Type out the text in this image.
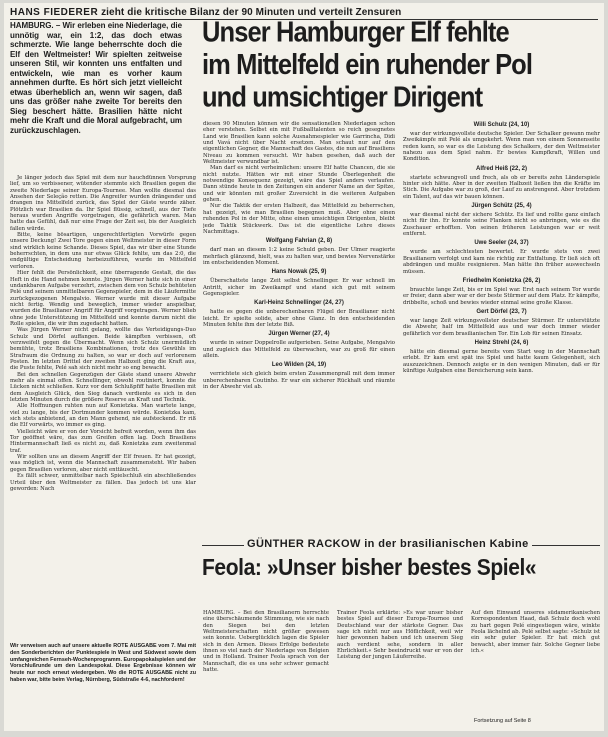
HANS FIEDERER zieht die kritische Bilanz der 90 Minuten und verteilt Zensuren
HAMBURG. – Wir erleben eine Niederlage, die unnötig war, ein 1:2, das doch etwas schmerzte. Wie lange beherrschte doch die Elf den Weltmeister! Wir spielten zeitweise unseren Stil, wir konnten uns entfalten und entwickeln, wie man es vorher kaum annehmen durfte. Es hört sich jetzt vielleicht etwas überheblich an, wenn wir sagen, daß uns das größer nahe zweite Tor bereits den Sieg beschert hätte. Brasilien hätte nicht mehr die Kraft und die Moral aufgebracht, um zurückzuschlagen.
Unser Hamburger Elf fehlte
im Mittelfeld ein ruhender Pol
und umsichtiger Dirigent

Je länger jedoch das Spiel mit dem nur hauchdünnen Vorsprung lief, um so verbissener, wütender stemmte sich Brasilien gegen die zweite Niederlage seiner Europa-Tournee. Man wollte diesmal das Ansehen der Seleção retten. Die Angreifer wurden drängender und drangen ins Mittelfeld zurück, das Spiel der Gäste wurde zäher. Plötzlich war Brasilien da. Ihr Spiel flüssig, schnell, aus der Tiefe heraus wurden Angriffe vorgetragen, die gefährlich waren. Man hatte das Gefühl, daß nur eine Frage der Zeit sei, bis der Ausgleich fallen würde.

Bitte, keine bösartigen, ungerechtfertigten Vorwürfe gegen unsere Deckung! Zwei Tore gegen einen Weltmeister in dieser Form sind wirklich keine Schande. Dieses Spiel, das wir über eine Stunde beherrschten, in dem uns nur etwas Glück fehlte, um das 2:0, die endgültige Entscheidung herbeizuführen, wurde im Mittelfeld verloren.

Hier fehlt die Persönlichkeit, eine überragende Gestalt, die das Heft in die Hand nehmen konnte. Jürgen Werner hatte sich in einer undankbaren Aufgabe verzehrt, zwischen dem von Schulz behüteten Pelé und seinem unmittelbaren Gegenspieler, dem in die Läufermitte zurückgezogenen Mengalvio. Werner wurde mit dieser Aufgabe nicht fertig. Wendig und beweglich, immer wieder anspielbar, wurden die Brasilianer Angriff für Angriff vorgetragen. Werner blieb ohne jede Unterstützung im Mittelfeld und konnte darum nicht die Rolle spielen, die wir ihm zugedacht hatten.

Was Jürgen Werner nicht gelang, wollte das Verteidigungs-Duo Schulz und Dörfel auffangen. Beide kämpften verbissen, oft verzweifelt gegen die Übermacht. Wenn sich Schulz unermüdlich bemühte, trotz Brasiliens Kombinationen, trotz des Gewühls im Strafraum die Ordnung zu halten, so war er doch auf verlorenem Posten. Im letzten Drittel der zweiten Halbzeit ging die Kraft aus, die Puste fehlte, Pelé sah sich nicht mehr so eng bewacht.

Bei den schnellen Gegenzügen der Gäste stand unsere Abwehr mehr als einmal offen. Schnellinger, obwohl routiniert, konnte die Lücken nicht schließen. Kurz vor dem Schlußpfiff hatte Brasilien mit dem Ausgleich Glück, den Sieg danach verdiente es sich in den letzten Minuten durch die größere Reserve an Kraft und Technik.

Alle Hoffnungen ruhten nun auf Konietzka. Man wartete lange, viel zu lange, bis der Dortmunder kommen würde. Konietzka kam, sich stets anbietend, an den Mann gehend, nie aufsteckend. Er riß die Elf vorwärts, wo immer es ging.

Vielleicht wäre er von der Vorsicht befreit worden, wenn ihm das Tor geöffnet wäre, das zum Greifen offen lag. Doch Brasiliens Hintermannschaft ließ es nicht zu, daß Konietzka zum zweitenmal traf.

Wir sollten uns an diesem Angriff der Elf freuen. Er hat gezeigt, was möglich ist, wenn die Mannschaft zusammensteht. Wir haben gegen Brasilien verloren, aber nicht enttäuscht.

Es fällt schwer, unmittelbar nach Spielschluß ein abschließendes Urteil über den Weltmeister zu fällen. Das jedoch ist uns klar geworden: Nach

diesen 90 Minuten können wir die sensationellen Niederlagen schon eher verstehen. Selbst ein mit Fußballtalenten so reich gesegnetes Land wie Brasilien kann solche Ausnahmespieler wie Garrincha, Didi und Vavá nicht über Nacht ersetzen. Man schaut nur auf den eigentlichen Gegner, die Mannschaft des Gastes, die nun auf Brasiliens Niveau zu kommen versucht. Wir haben gesehen, daß auch der Weltmeister verwundbar ist.

Man darf es nicht verheimlichen: unsere Elf hatte Chancen, die sie nicht nutzte. Hätten wir mit einer Stunde Überlegenheit die notwendige Konsequenz gezeigt, wäre das Spiel anders verlaufen. Dann stünde heute in den Zeitungen ein anderer Name an der Spitze, und wir könnten mit großer Zuversicht in die weiteren Aufgaben gehen.

Nur die Taktik der ersten Halbzeit, das Mittelfeld zu beherrschen, hat gezeigt, wie man Brasilien begegnen muß. Aber ohne einen ruhenden Pol in der Mitte, ohne einen umsichtigen Dirigenten, bleibt jede Taktik Stückwerk. Das ist die eigentliche Lehre dieses Nachmittags.

Wolfgang Fahrian (2, 8)

darf man an diesem 1:2 keine Schuld geben. Der Ulmer reagierte mehrfach glänzend, hielt, was zu halten war, und bewies Nervenstärke im entscheidenden Moment.

Hans Nowak (25, 9)

Überschattete lange Zeit selbst Schnellinger. Er war schnell im Antritt, sicher im Zweikampf und stand sich gut mit seinem Gegenspieler.

Karl-Heinz Schnellinger (24, 27)

hatte es gegen die unberechenbaren Flügel der Brasilianer nicht leicht. Er spielte solide, aber ohne Glanz. In den entscheidenden Minuten fehlte ihm der letzte Biß.

Jürgen Werner (27, 4)

wurde in seiner Doppelrolle aufgerieben. Seine Aufgabe, Mengalvio und zugleich das Mittelfeld zu überwachen, war zu groß für einen allein.

Leo Wilden (24, 19)

verrichtete sich gleich beim ersten Zusammenprall mit dem immer unberechenbaren Coutinho. Er war ein sicherer Rückhalt und räumte in der Abwehr viel ab.

Willi Schulz (24, 10)

war der wirkungsvollste deutsche Spieler. Der Schalker gewann mehr Zweikämpfe mit Pelé als umgekehrt. Wenn man von einem Sonnenseite reden kann, so war es die Leistung des Schalkers, der den Weltmeister nahezu aus dem Spiel nahm. Er bewies Kampfkraft, Willen und Kondition.

Alfred Heiß (22, 2)

startete schwungvoll und frech, als ob er bereits zehn Länderspiele hinter sich hätte. Aber in der zweiten Halbzeit ließen ihn die Kräfte im Stich. Die Aufgabe war zu groß, der Lauf zu anstrengend. Aber trotzdem ein Talent, auf das wir bauen können.

Jürgen Schütz (25, 4)

war diesmal nicht der sichere Schütz. Es lief und rollte ganz einfach nicht für ihn. Er konnte seine Flanken nicht so anbringen, wie es die Zuschauer erhofften. Von seinen früheren Leistungen war er weit entfernt.

Uwe Seeler (24, 37)

wurde am schlechtesten bewertet. Er wurde stets von zwei Brasilianern verfolgt und kam nie richtig zur Entfaltung. Er ließ sich oft abdrängen und mußte resignieren. Man hätte ihn früher auswechseln müssen.

Friedhelm Konietzka (26, 2)

brauchte lange Zeit, bis er im Spiel war. Erst nach seinem Tor wurde er freier, dann aber war er der beste Stürmer auf dem Platz. Er kämpfte, dribbelte, schoß und bewies wieder einmal seine große Klasse.

Gert Dörfel (23, 7)

war lange Zeit wirkungsvollster deutscher Stürmer. Er unterstützte die Abwehr, half im Mittelfeld aus und war doch immer wieder gefährlich vor dem brasilianischen Tor. Ein Lob für seinen Einsatz.

Heinz Strehl (24, 6)

hätte ein diesmal gerne bereits vom Start weg in der Mannschaft erlebt. Er kam erst spät ins Spiel und hatte kaum Gelegenheit, sich auszuzeichnen. Dennoch zeigte er in den wenigen Minuten, daß er für künftige Aufgaben eine Bereicherung sein kann.

GÜNTHER RACKOW in der brasilianischen Kabine
Feola: »Unser bisher bestes Spiel«

HAMBURG. – Bei den Brasilianern herrschte eine überschäumende Stimmung, wie sie nach den Siegen bei den letzten Weltmeisterschaften nicht größer gewesen sein konnte. Ueberglücklich lagen die Spieler sich in den Armen. Dieses Erfolge bedeutete ihnen so viel nach der Niederlage von Belgien und in Holland. Trainer Feola sprach von der Mannschaft, die es uns sehr schwer gemacht hatte.

Trainer Feola erklärte: »Es war unser bisher bestes Spiel auf dieser Europa-Tournee und Deutschland war der stärkste Gegner. Das sage ich nicht nur aus Höflichkeit, weil wir hier gewonnen haben und ich unserem Sieg auch verdient sehe, sondern in aller Ehrlichkeit.« Sehr beeindruckt war er von der Leistung der jungen Läuferreihe.

Auf den Einwand unseres südamerikanischen Korrespondenten Haad, daß Schulz doch wohl zu hart gegen Pelé eingestiegen wäre, winkte Feola lächelnd ab. Pelé selbst sagte: »Schulz ist ein sehr guter Spieler. Er hat mich gut bewacht, aber immer fair. Solche Gegner liebe ich.«

Fortsetzung auf Seite 8
Wir verweisen auch auf unsere aktuelle ROTE AUSGABE vom 7. Mai mit den Sonderberichten der Punktespiele in West und Südwest sowie dem umfangreichen Fernseh-Wochenprogramm. Europapokalspielen und der Vorschlußrunde um den Landespokal. Diese Ergebnisse können wir heute nur noch erneut wiedergeben. Wo die ROTE AUSGABE nicht zu haben war, bitte beim Verlag, Nürnberg, Südstraße 4-6, nachfordern!
